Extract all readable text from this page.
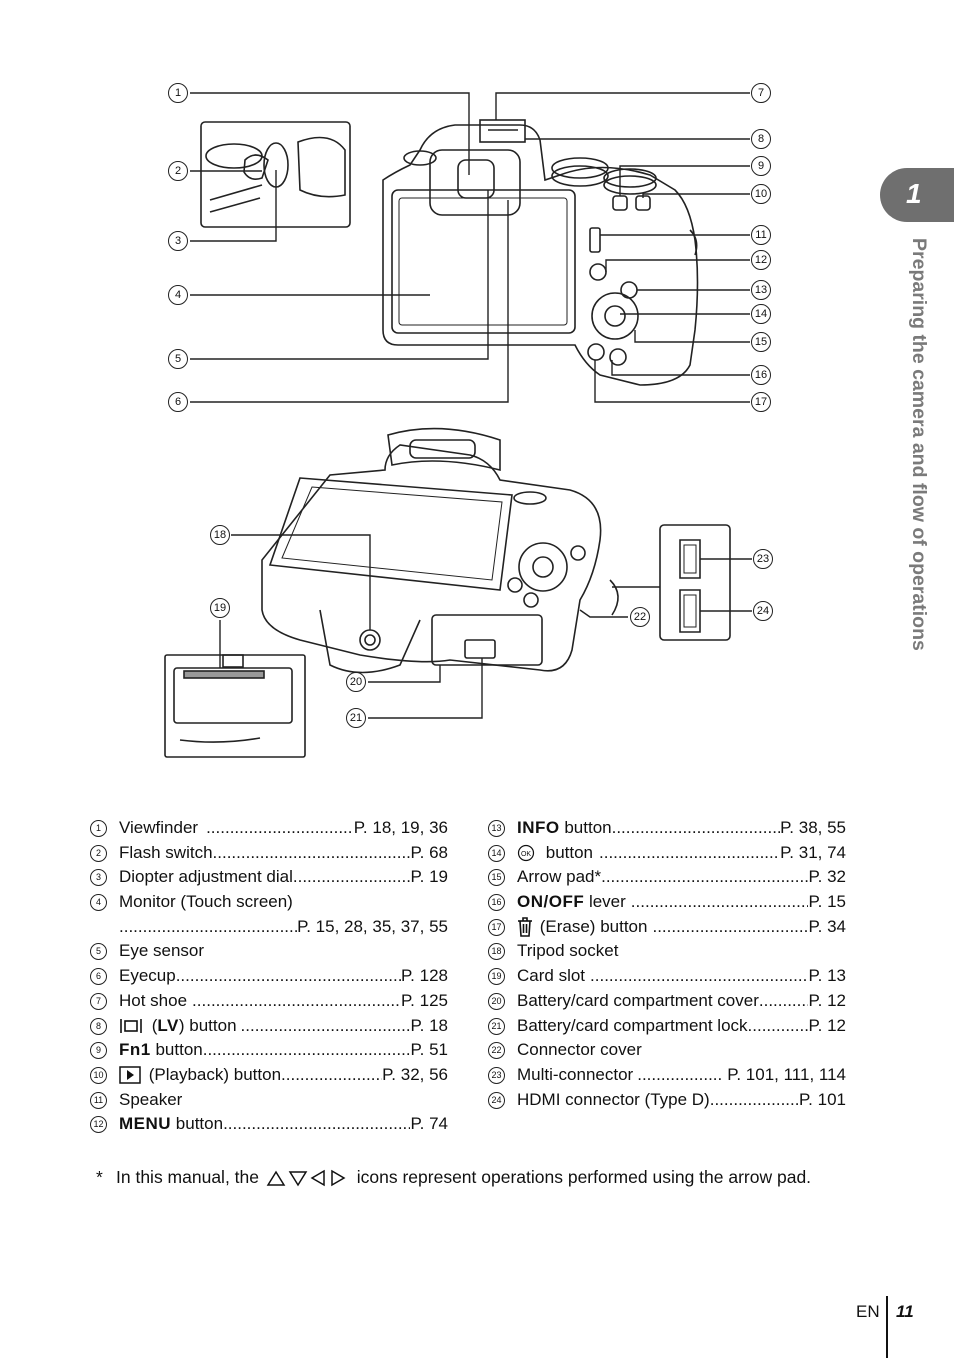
1
2
3
4
5
6
7
8
9
10
11
12
13
14
15
16
17
18
19
20
21
22
23
24
1
Preparing the camera and flow of operations
1	Viewfinder .....	P. 18, 19, 36
2	Flash switch .....	P. 68
3	Diopter adjustment dial .....	P. 19
4	Monitor (Touch screen)
.....
P. 15, 28, 35, 37, 55
5	Eye sensor
6	Eyecup .....	P. 128
7	Hot shoe .....	P. 125
8	(LV) button .....	P. 18
9	Fn1 button .....	P. 51
10	(Playback) button .....	P. 32, 56
11 Speaker
12 MENU button .....	P. 74
13 INFO button .....	P. 38, 55
14	OK button .....	P. 31, 74
15 Arrow pad* .....	P. 32
16 ON/OFF lever .....	P. 15
17	(Erase) button .....	P. 34
18 Tripod socket
19 Card slot .....	P. 13
20 Battery/card compartment cover .....	P. 12
21 Battery/card compartment lock .....	P. 12
22 Connector cover
23 Multi-connector .....	P. 101, 111, 114
24 HDMI connector (Type D) .....	P. 101
* In this manual, the	icons represent operations performed using the arrow pad.
EN 11
